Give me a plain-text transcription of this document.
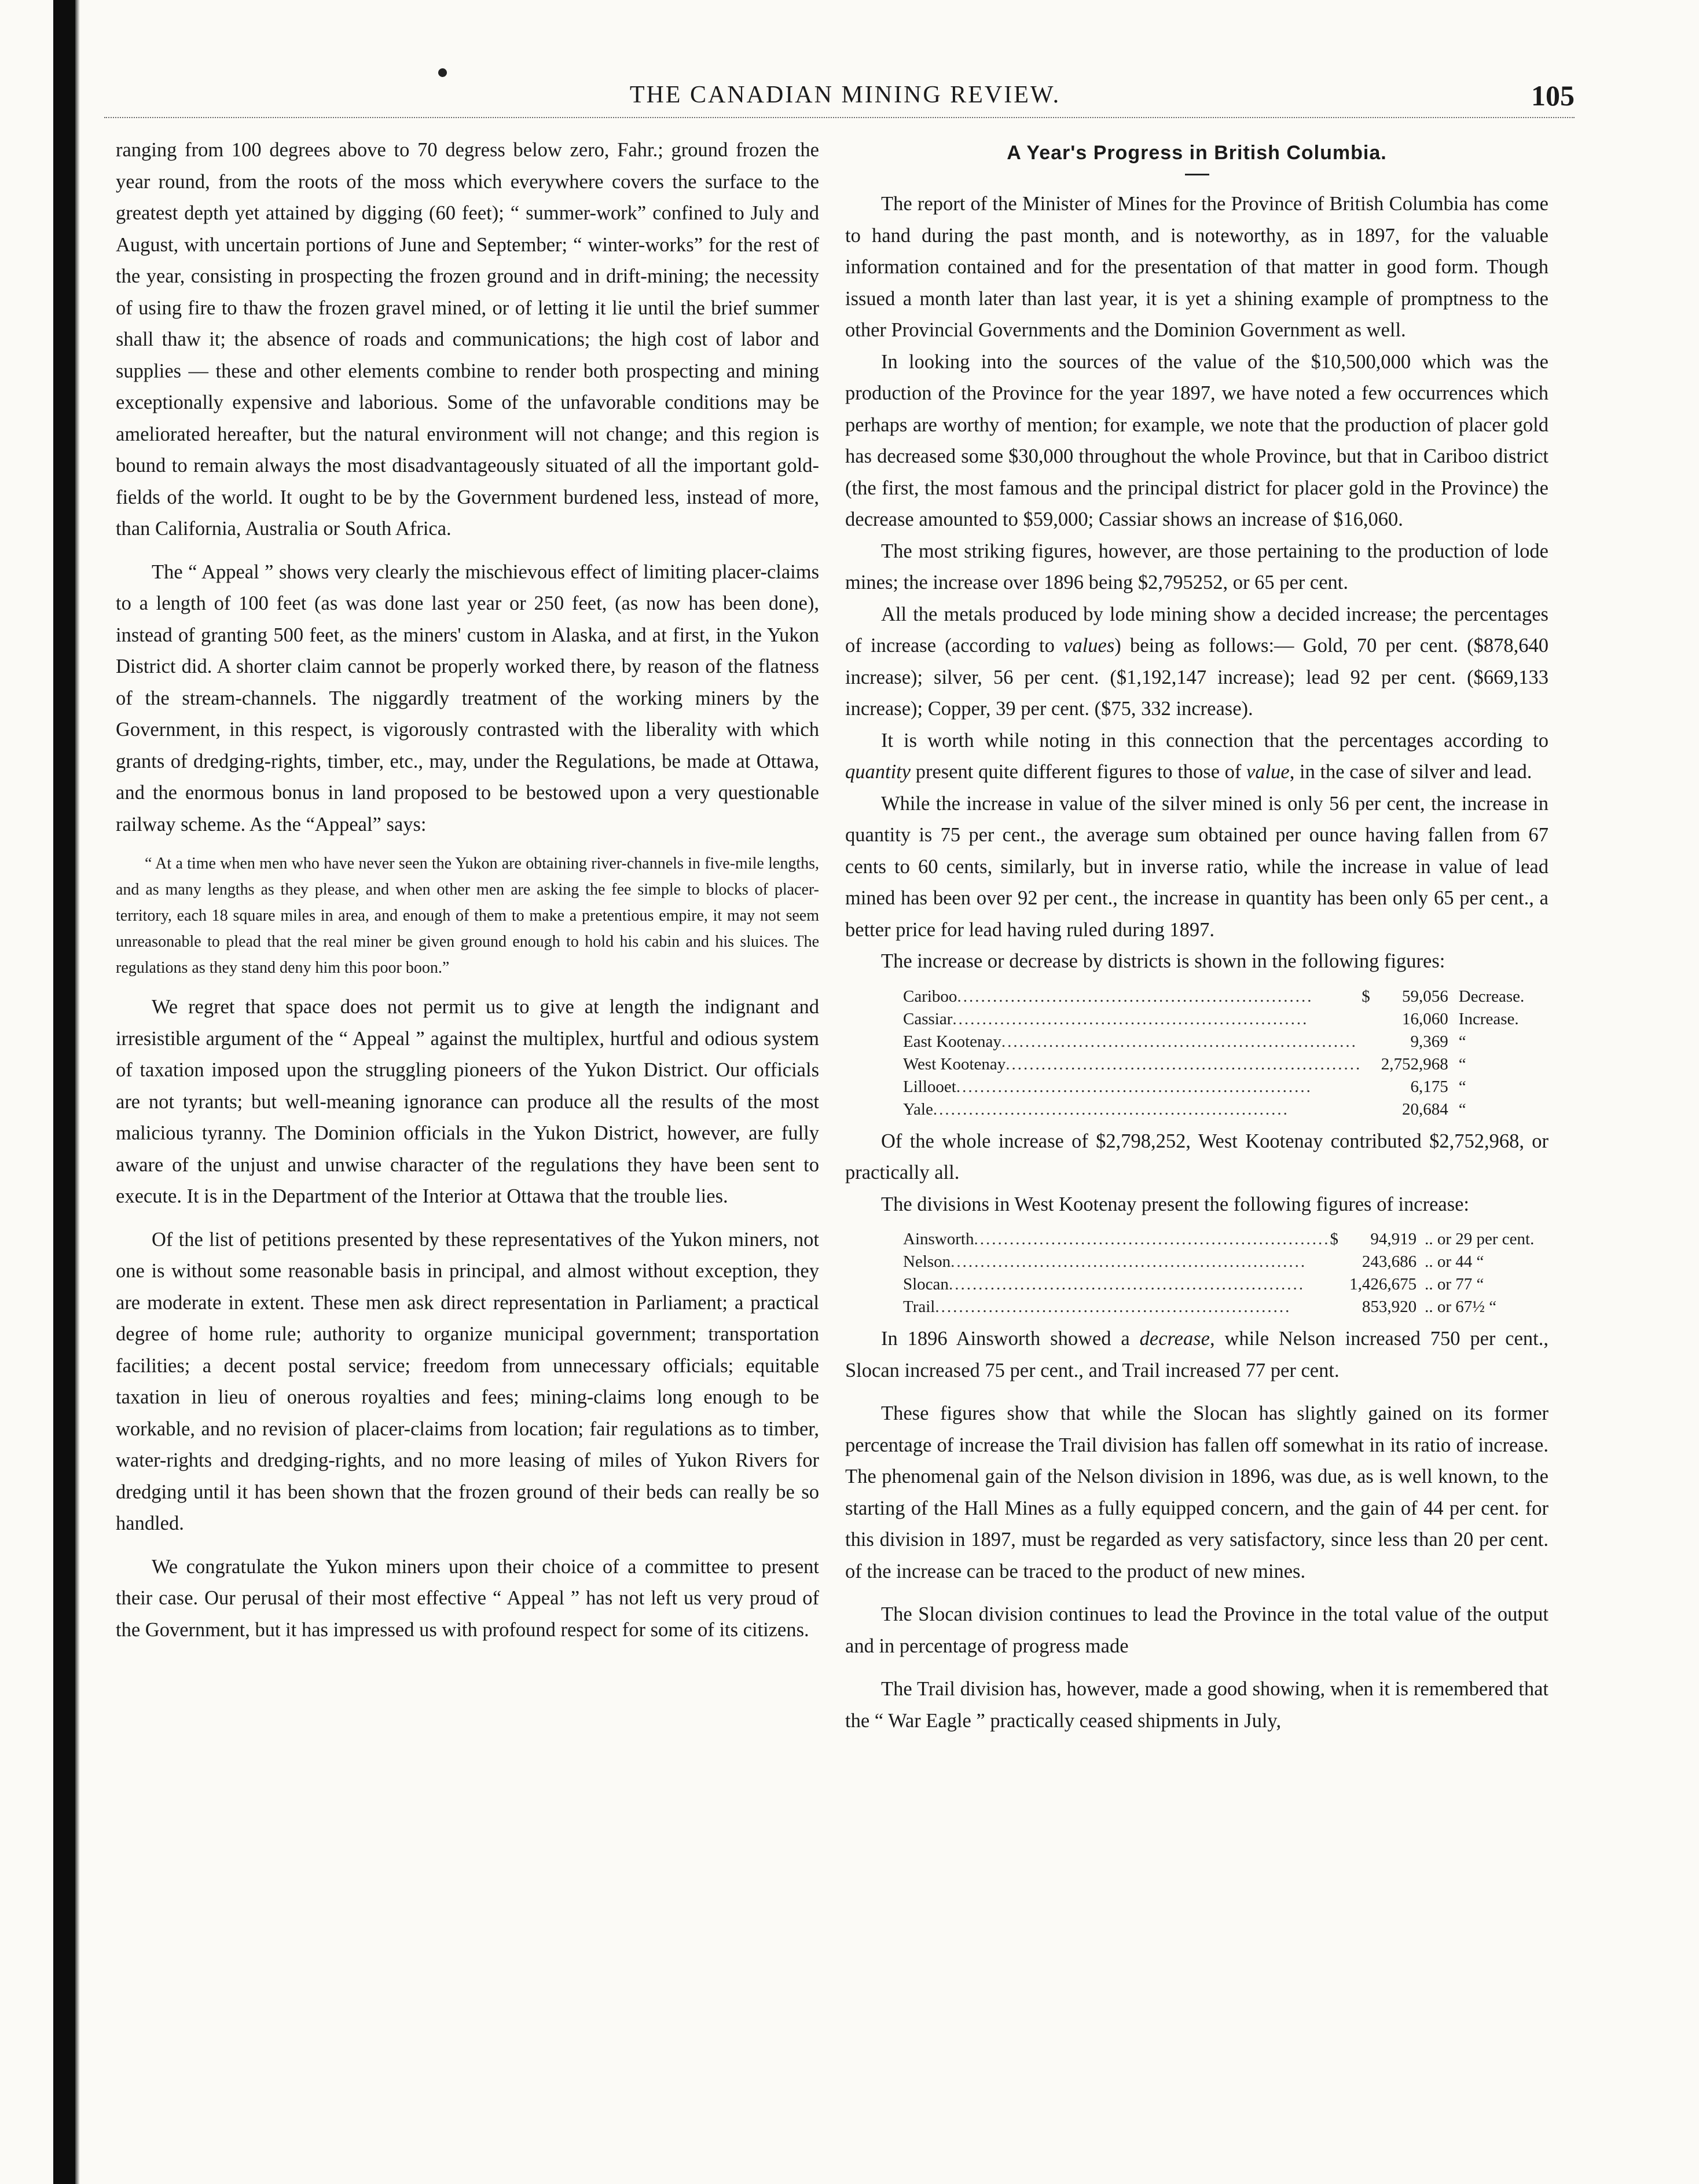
THE CANADIAN MINING REVIEW.	105

ranging from 100 degrees above to 70 degress below zero, Fahr.; ground frozen the year round, from the roots of the moss which everywhere covers the surface to the greatest depth yet attained by digging (60 feet); “ summer-work” confined to July and August, with uncertain portions of June and September; “ winter-works” for the rest of the year, consisting in prospecting the frozen ground and in drift-mining; the necessity of using fire to thaw the frozen gravel mined, or of letting it lie until the brief summer shall thaw it; the absence of roads and communications; the high cost of labor and supplies — these and other elements combine to render both prospecting and mining exceptionally expensive and laborious. Some of the unfavorable conditions may be ameliorated hereafter, but the natural environment will not change; and this region is bound to remain always the most disadvantageously situated of all the important gold-fields of the world. It ought to be by the Government burdened less, instead of more, than California, Australia or South Africa.

The “ Appeal ” shows very clearly the mischievous effect of limiting placer-claims to a length of 100 feet (as was done last year or 250 feet, (as now has been done), instead of granting 500 feet, as the miners' custom in Alaska, and at first, in the Yukon District did. A shorter claim cannot be properly worked there, by reason of the flatness of the stream-channels. The niggardly treatment of the working miners by the Government, in this respect, is vigorously contrasted with the liberality with which grants of dredging-rights, timber, etc., may, under the Regulations, be made at Ottawa, and the enormous bonus in land proposed to be bestowed upon a very questionable railway scheme. As the “Appeal” says:

“ At a time when men who have never seen the Yukon are obtaining river-channels in five-mile lengths, and as many lengths as they please, and when other men are asking the fee simple to blocks of placer-territory, each 18 square miles in area, and enough of them to make a pretentious empire, it may not seem unreasonable to plead that the real miner be given ground enough to hold his cabin and his sluices. The regulations as they stand deny him this poor boon.”

We regret that space does not permit us to give at length the indignant and irresistible argument of the “ Appeal ” against the multiplex, hurtful and odious system of taxation imposed upon the struggling pioneers of the Yukon District. Our officials are not tyrants; but well-meaning ignorance can produce all the results of the most malicious tyranny. The Dominion officials in the Yukon District, however, are fully aware of the unjust and unwise character of the regulations they have been sent to execute. It is in the Department of the Interior at Ottawa that the trouble lies.

Of the list of petitions presented by these representatives of the Yukon miners, not one is without some reasonable basis in principal, and almost without exception, they are moderate in extent. These men ask direct representation in Parliament; a practical degree of home rule; authority to organize municipal government; transportation facilities; a decent postal service; freedom from unnecessary officials; equitable taxation in lieu of onerous royalties and fees; mining-claims long enough to be workable, and no revision of placer-claims from location; fair regulations as to timber, water-rights and dredging-rights, and no more leasing of miles of Yukon Rivers for dredging until it has been shown that the frozen ground of their beds can really be so handled.

We congratulate the Yukon miners upon their choice of a committee to present their case. Our perusal of their most effective “ Appeal ” has not left us very proud of the Government, but it has impressed us with profound respect for some of its citizens.

A Year's Progress in British Columbia.

The report of the Minister of Mines for the Province of British Columbia has come to hand during the past month, and is noteworthy, as in 1897, for the valuable information contained and for the presentation of that matter in good form. Though issued a month later than last year, it is yet a shining example of promptness to the other Provincial Governments and the Dominion Government as well.

In looking into the sources of the value of the $10,500,000 which was the production of the Province for the year 1897, we have noted a few occurrences which perhaps are worthy of mention; for example, we note that the production of placer gold has decreased some $30,000 throughout the whole Province, but that in Cariboo district (the first, the most famous and the principal district for placer gold in the Province) the decrease amounted to $59,000; Cassiar shows an increase of $16,060.

The most striking figures, however, are those pertaining to the production of lode mines; the increase over 1896 being $2,795252, or 65 per cent.

All the metals produced by lode mining show a decided increase; the percentages of increase (according to values) being as follows:— Gold, 70 per cent. ($878,640 increase); silver, 56 per cent. ($1,192,147 increase); lead 92 per cent. ($669,133 increase); Copper, 39 per cent. ($75, 332 increase).

It is worth while noting in this connection that the percentages according to quantity present quite different figures to those of value, in the case of silver and lead.

While the increase in value of the silver mined is only 56 per cent, the increase in quantity is 75 per cent., the average sum obtained per ounce having fallen from 67 cents to 60 cents, similarly, but in inverse ratio, while the increase in value of lead mined has been over 92 per cent., the increase in quantity has been only 65 per cent., a better price for lead having ruled during 1897.

The increase or decrease by districts is shown in the following figures:

Cariboo............................................................	$	59,056	Decrease.
Cassiar............................................................		16,060	Increase.
East Kootenay............................................................		9,369	“
West Kootenay............................................................		2,752,968	“
Lillooet............................................................		6,175	“
Yale............................................................		20,684	“

Of the whole increase of $2,798,252, West Kootenay contributed $2,752,968, or practically all.

The divisions in West Kootenay present the following figures of increase:

Ainsworth............................................................	$	94,919	.. or 29 per cent.
Nelson............................................................		243,686	.. or 44 “
Slocan............................................................		1,426,675	.. or 77 “
Trail............................................................		853,920	.. or 67½ “

In 1896 Ainsworth showed a decrease, while Nelson increased 750 per cent., Slocan increased 75 per cent., and Trail increased 77 per cent.

These figures show that while the Slocan has slightly gained on its former percentage of increase the Trail division has fallen off somewhat in its ratio of increase. The phenomenal gain of the Nelson division in 1896, was due, as is well known, to the starting of the Hall Mines as a fully equipped concern, and the gain of 44 per cent. for this division in 1897, must be regarded as very satisfactory, since less than 20 per cent. of the increase can be traced to the product of new mines.

The Slocan division continues to lead the Province in the total value of the output and in percentage of progress made

The Trail division has, however, made a good showing, when it is remembered that the “ War Eagle ” practically ceased shipments in July,
